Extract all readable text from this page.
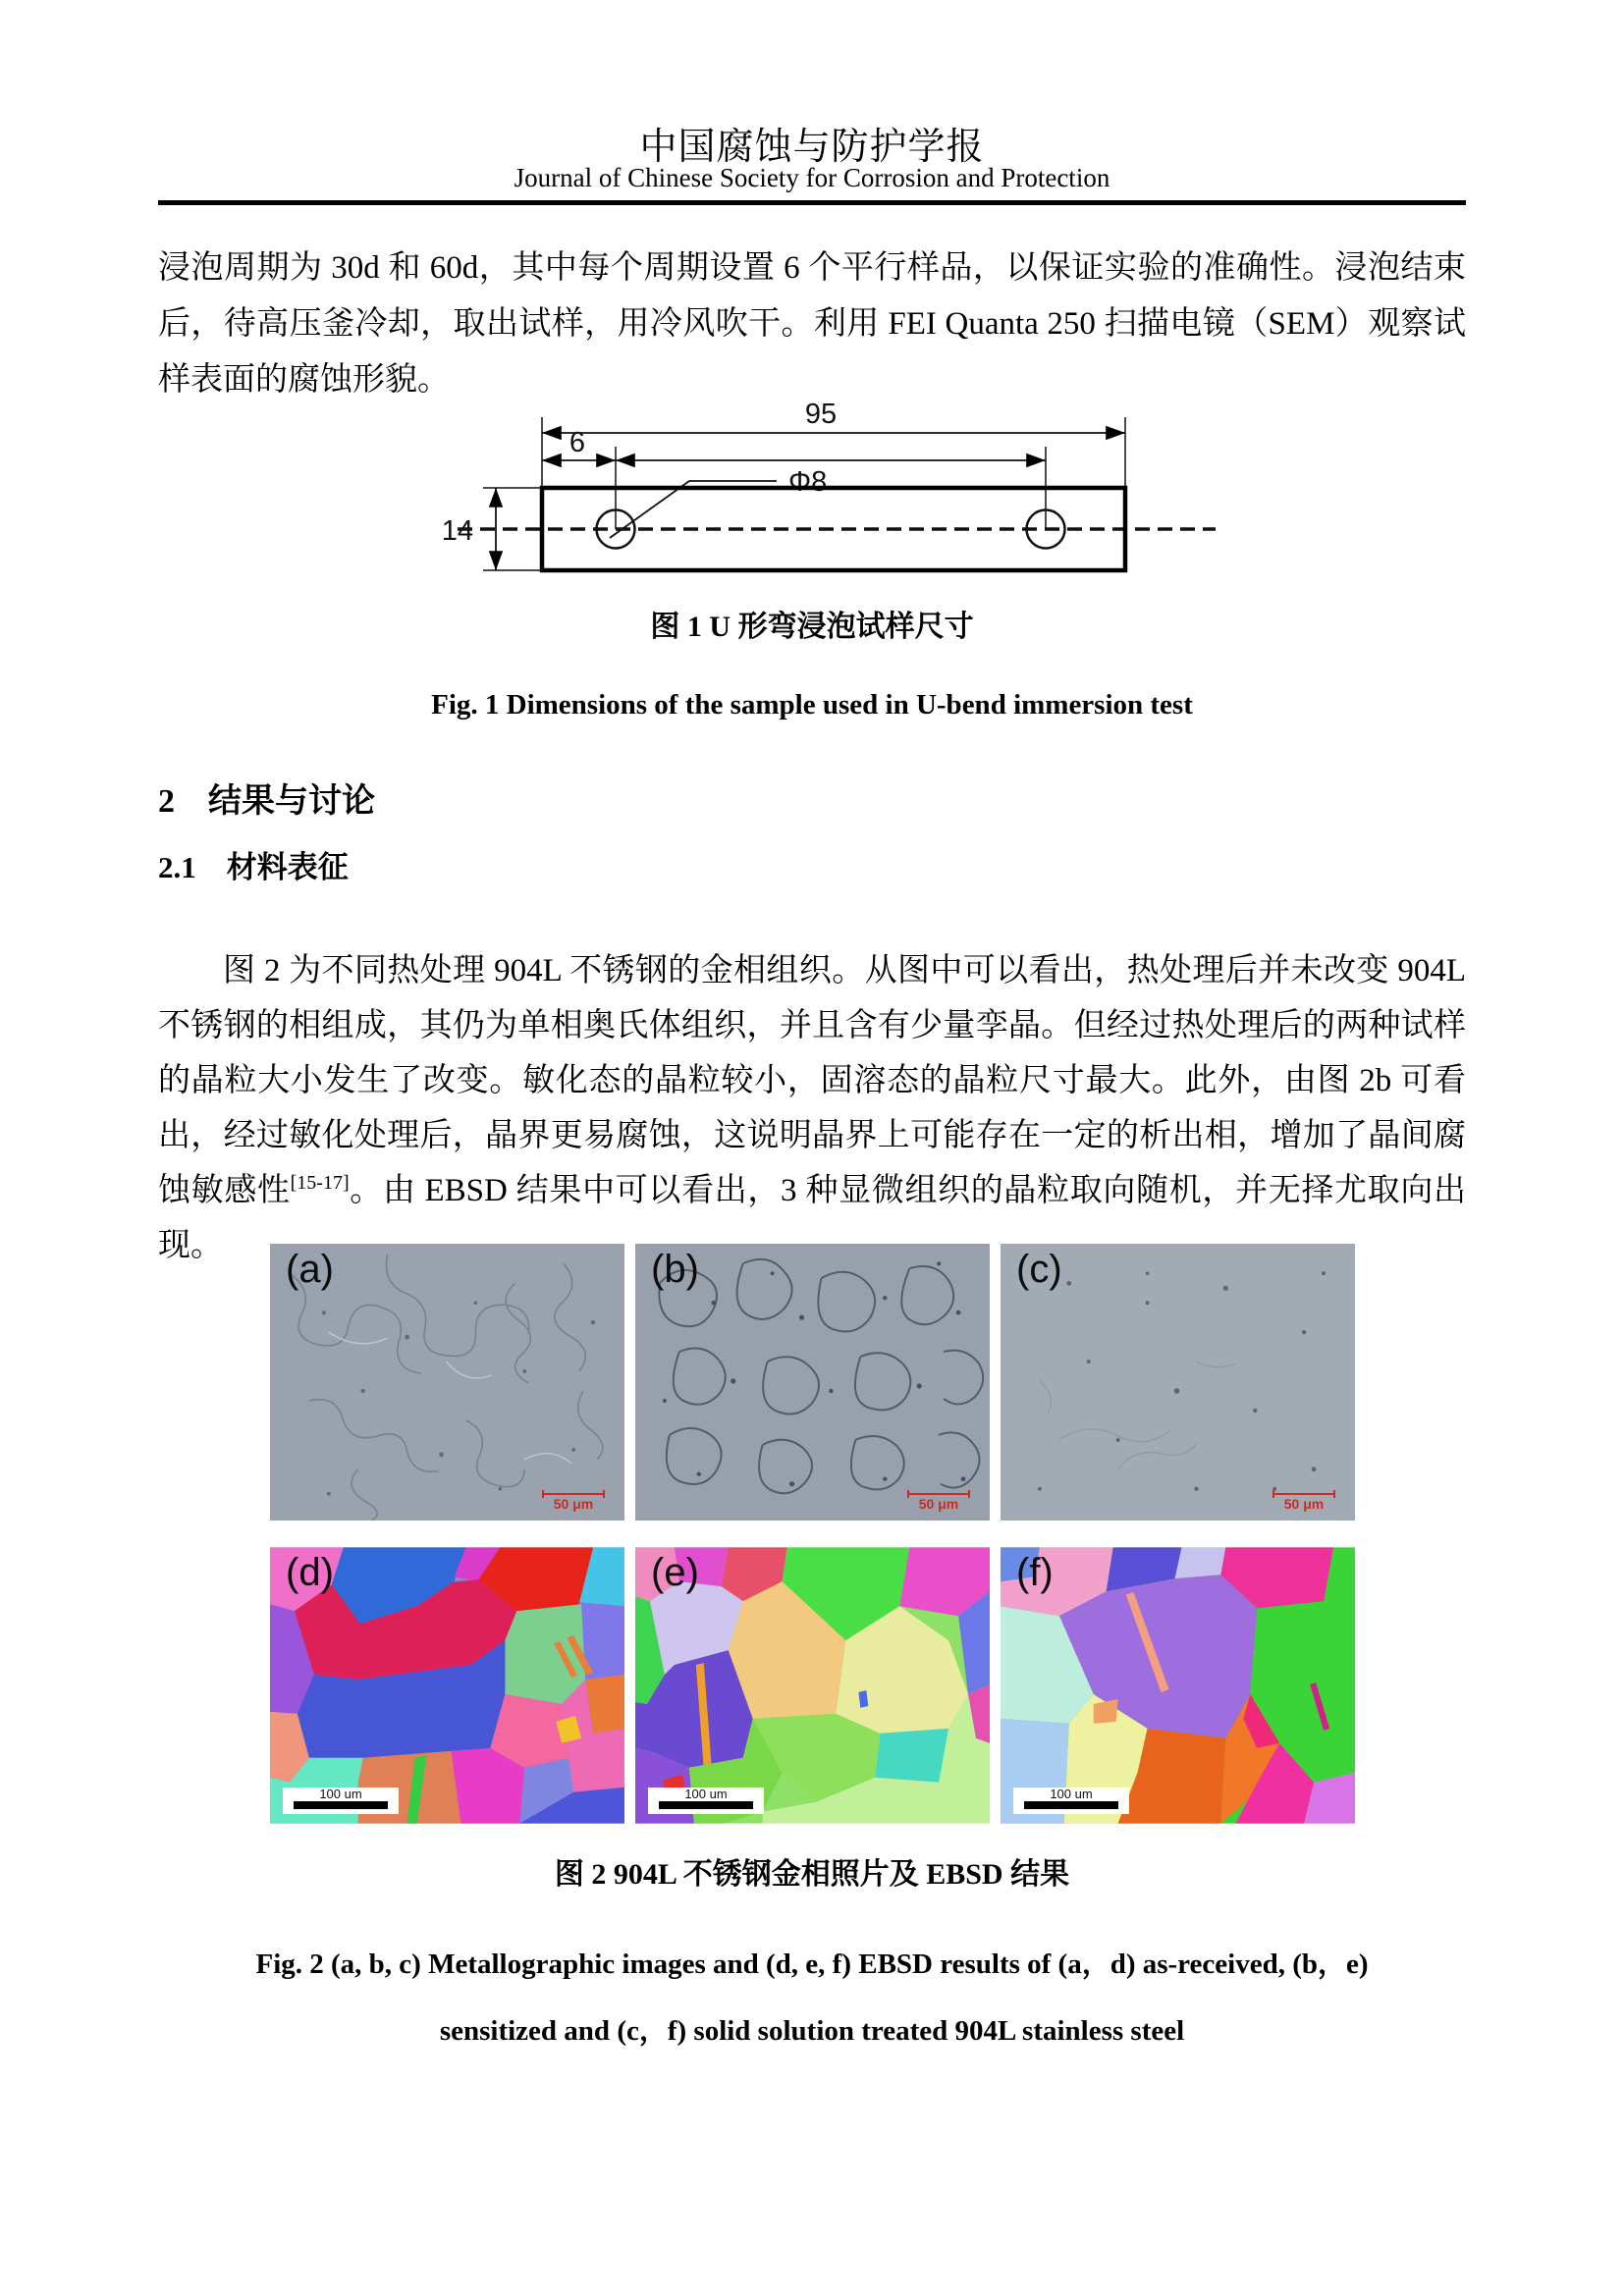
中国腐蚀与防护学报
Journal of Chinese Society for Corrosion and Protection

浸泡周期为 30d 和 60d，其中每个周期设置 6 个平行样品，以保证实验的准确性。浸泡结束后，待高压釜冷却，取出试样，用冷风吹干。利用 FEI Quanta 250 扫描电镜（SEM）观察试样表面的腐蚀形貌。

95
6
Φ8
14
图 1 U 形弯浸泡试样尺寸
Fig. 1 Dimensions of the sample used in U-bend immersion test
2　结果与讨论
2.1　材料表征

图 2 为不同热处理 904L 不锈钢的金相组织。从图中可以看出，热处理后并未改变 904L 不锈钢的相组成，其仍为单相奥氏体组织，并且含有少量孪晶。但经过热处理后的两种试样的晶粒大小发生了改变。敏化态的晶粒较小，固溶态的晶粒尺寸最大。此外，由图 2b 可看出，经过敏化处理后，晶界更易腐蚀，这说明晶界上可能存在一定的析出相，增加了晶间腐蚀敏感性[15-17]。由 EBSD 结果中可以看出，3 种显微组织的晶粒取向随机，并无择尤取向出现。

(a)
50 μm
(b)
50 μm
(c)
50 μm
(d)
100 um
(e)
100 um
(f)
100 um
图 2 904L 不锈钢金相照片及 EBSD 结果
Fig. 2 (a, b, c) Metallographic images and (d, e, f) EBSD results of (a，d) as-received, (b，e)
sensitized and (c，f) solid solution treated 904L stainless steel
